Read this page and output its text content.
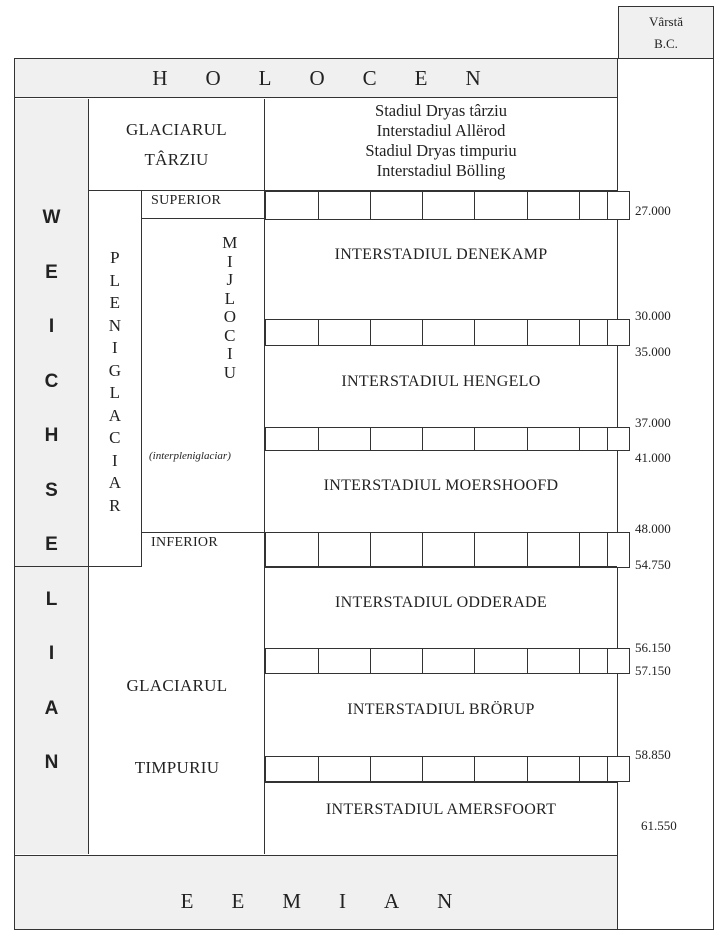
Vârstă
B.C.
H O L O C E N
E E M I A N
W
E
I
C
H
S
E
L
I
A
N
GLACIARUL
TÂRZIU
Stadiul Dryas târziu
Interstadiul Allërod
Stadiul Dryas timpuriu
Interstadiul Bölling
P
L
E
N
I
G
L
A
C
I
A
R
SUPERIOR
M
I
J
L
O
C
I
U
(interpleniglaciar)
INFERIOR
GLACIARUL
TIMPURIU
INTERSTADIUL DENEKAMP
INTERSTADIUL HENGELO
INTERSTADIUL MOERSHOOFD
INTERSTADIUL ODDERADE
INTERSTADIUL BRÖRUP
INTERSTADIUL AMERSFOORT
27.000
30.000
35.000
37.000
41.000
48.000
54.750
56.150
57.150
58.850
61.550
